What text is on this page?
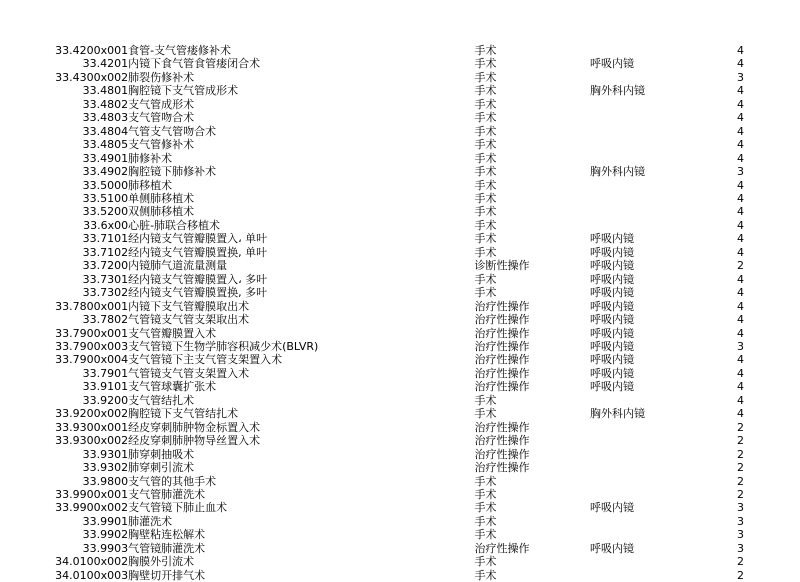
33.4200x001	食管-支气管瘘修补术	手术		4
33.4201	内镜下食气管食管瘘闭合术	手术	呼吸内镜	4
33.4300x002	肺裂伤修补术	手术		3
33.4801	胸腔镜下支气管成形术	手术	胸外科内镜	4
33.4802	支气管成形术	手术		4
33.4803	支气管吻合术	手术		4
33.4804	气管支气管吻合术	手术		4
33.4805	支气管修补术	手术		4
33.4901	肺修补术	手术		4
33.4902	胸腔镜下肺修补术	手术	胸外科内镜	3
33.5000	肺移植术	手术		4
33.5100	单侧肺移植术	手术		4
33.5200	双侧肺移植术	手术		4
33.6x00	心脏-肺联合移植术	手术		4
33.7101	经内镜支气管瓣膜置入، 单叶	手术	呼吸内镜	4
33.7102	经内镜支气管瓣膜置换, 单叶	手术	呼吸内镜	4
33.7200	内镜肺气道流量测量	诊断性操作	呼吸内镜	2
33.7301	经内镜支气管瓣膜置入، 多叶	手术	呼吸内镜	4
33.7302	经内镜支气管瓣膜置换, 多叶	手术	呼吸内镜	4
33.7800x001	内镜下支气管瓣膜取出术	治疗性操作	呼吸内镜	4
33.7802	气管镜支气管支架取出术	治疗性操作	呼吸内镜	4
33.7900x001	支气管瓣膜置入术	治疗性操作	呼吸内镜	4
33.7900x003	支气管镜下生物学肺容积减少术(BLVR)	治疗性操作	呼吸内镜	3
33.7900x004	支气管镜下主支气管支架置入术	治疗性操作	呼吸内镜	4
33.7901	气管镜支气管支架置入术	治疗性操作	呼吸内镜	4
33.9101	支气管球囊扩张术	治疗性操作	呼吸内镜	4
33.9200	支气管结扎术	手术		4
33.9200x002	胸腔镜下支气管结扎术	手术	胸外科内镜	4
33.9300x001	经皮穿刺肺肿物金标置入术	治疗性操作		2
33.9300x002	经皮穿刺肺肿物导丝置入术	治疗性操作		2
33.9301	肺穿刺抽吸术	治疗性操作		2
33.9302	肺穿刺引流术	治疗性操作		2
33.9800	支气管的其他手术	手术		2
33.9900x001	支气管肺灌洗术	手术		2
33.9900x002	支气管镜下肺止血术	手术	呼吸内镜	3
33.9901	肺灌洗术	手术		3
33.9902	胸壁粘连松解术	手术		3
33.9903	气管镜肺灌洗术	治疗性操作	呼吸内镜	3
34.0100x002	胸膜外引流术	手术		2
34.0100x003	胸壁切开排气术	手术		2
